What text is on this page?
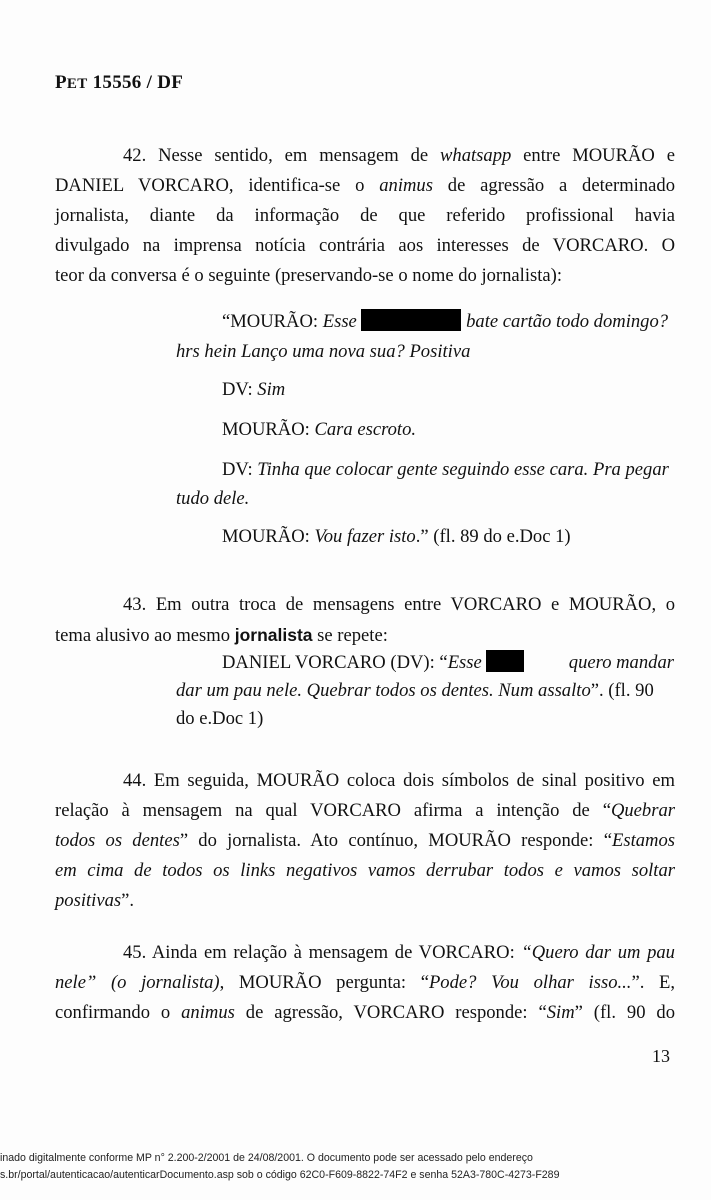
PET 15556 / DF
42. Nesse sentido, em mensagem de whatsapp entre MOURÃO e
DANIEL VORCARO, identifica-se o animus de agressão a determinado
jornalista, diante da informação de que referido profissional havia
divulgado na imprensa notícia contrária aos interesses de VORCARO. O
teor da conversa é o seguinte (preservando-se o nome do jornalista):
“MOURÃO: Esse	bate cartão todo domingo?
hrs hein Lanço uma nova sua? Positiva
DV: Sim
MOURÃO: Cara escroto.
DV: Tinha que colocar gente seguindo esse cara. Pra pegar
tudo dele.
MOURÃO: Vou fazer isto.” (fl. 89 do e.Doc 1)
43. Em outra troca de mensagens entre VORCARO e MOURÃO, o
tema alusivo ao mesmo jornalista se repete:
DANIEL VORCARO (DV): “Esse	quero mandar
dar um pau nele. Quebrar todos os dentes. Num assalto”. (fl. 90
do e.Doc 1)
44. Em seguida, MOURÃO coloca dois símbolos de sinal positivo em
relação à mensagem na qual VORCARO afirma a intenção de “Quebrar
todos os dentes” do jornalista. Ato contínuo, MOURÃO responde: “Estamos
em cima de todos os links negativos vamos derrubar todos e vamos soltar
positivas”.
45. Ainda em relação à mensagem de VORCARO: “Quero dar um pau
nele” (o jornalista), MOURÃO pergunta: “Pode? Vou olhar isso...”. E,
confirmando o animus de agressão, VORCARO responde: “Sim” (fl. 90 do
13
inado digitalmente conforme MP n° 2.200-2/2001 de 24/08/2001. O documento pode ser acessado pelo endereço
s.br/portal/autenticacao/autenticarDocumento.asp sob o código 62C0-F609-8822-74F2 e senha 52A3-780C-4273-F289
